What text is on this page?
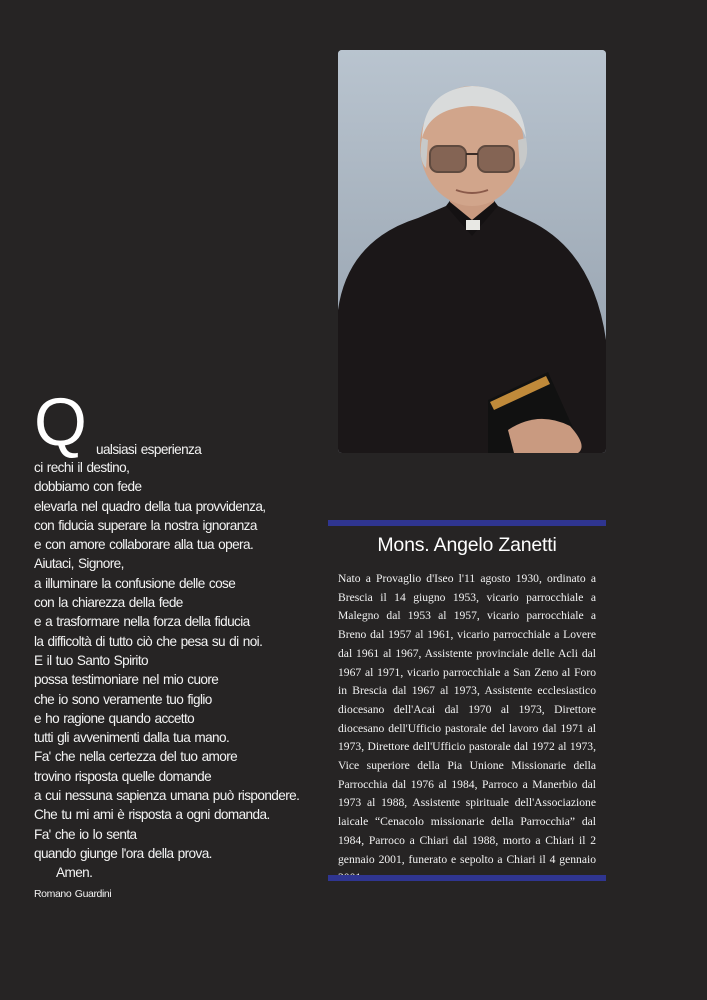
Q ualsiasi esperienza
ci rechi il destino,
dobbiamo con fede
elevarla nel quadro della tua provvidenza,
con fiducia superare la nostra ignoranza
e con amore collaborare alla tua opera.
Aiutaci, Signore,
a illuminare la confusione delle cose
con la chiarezza della fede
e a trasformare nella forza della fiducia
la difficoltà di tutto ciò che pesa su di noi.
E il tuo Santo Spirito
possa testimoniare nel mio cuore
che io sono veramente tuo figlio
e ho ragione quando accetto
tutti gli avvenimenti dalla tua mano.
Fa' che nella certezza del tuo amore
trovino risposta quelle domande
a cui nessuna sapienza umana può rispondere.
Che tu mi ami è risposta a ogni domanda.
Fa' che io lo senta
quando giunge l'ora della prova.
Amen.
Romano Guardini
Mons. Angelo Zanetti
Nato a Provaglio d'Iseo l'11 agosto 1930, ordinato a Brescia il 14 giugno 1953, vicario parrocchiale a Malegno dal 1953 al 1957, vicario parrocchiale a Breno dal 1957 al 1961, vicario parrocchiale a Lovere dal 1961 al 1967, Assistente provinciale delle Acli dal 1967 al 1971, vicario parrocchiale a San Zeno al Foro in Brescia dal 1967 al 1973, Assistente ecclesiastico diocesano dell'Acai dal 1970 al 1973, Direttore diocesano dell'Ufficio pastorale del lavoro dal 1971 al 1973, Direttore dell'Ufficio pastorale dal 1972 al 1973, Vice superiore della Pia Unione Missionarie della Parrocchia dal 1976 al 1984, Parroco a Manerbio dal 1973 al 1988, Assistente spirituale dell'Associazione laicale “Cenacolo missionarie della Parrocchia” dal 1984, Parroco a Chiari dal 1988, morto a Chiari il 2 gennaio 2001, funerato e sepolto a Chiari il 4 gennaio
